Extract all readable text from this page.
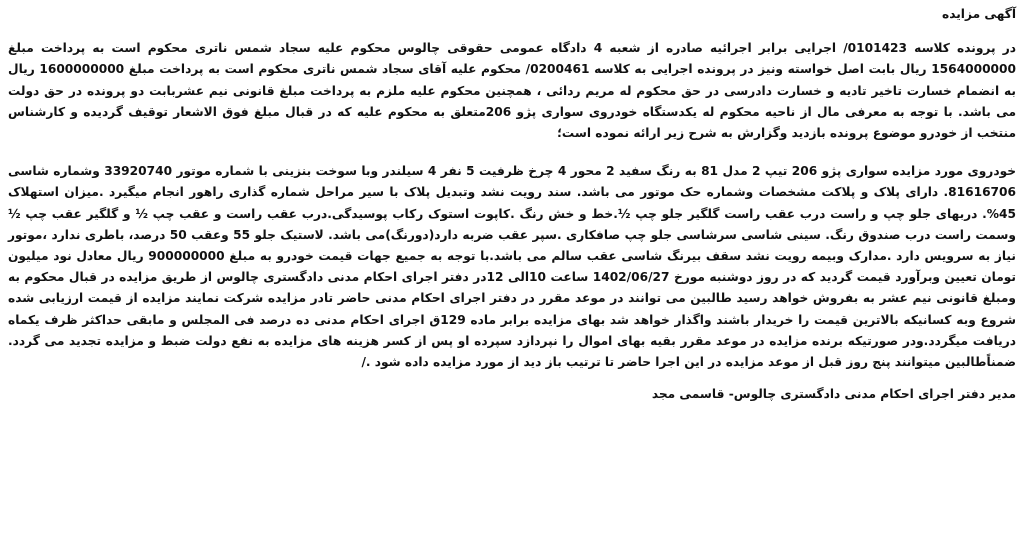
آگهی مزایده

در پرونده کلاسه 0101423/ اجرایی برابر اجرائیه صادره از شعبه 4 دادگاه عمومی حقوقی چالوس محکوم علیه سجاد شمس ناتری محکوم است به پرداخت مبلغ 1564000000 ریال بابت اصل خواسته ونیز در پرونده اجرایی به کلاسه 0200461/ محکوم علیه آقای سجاد شمس ناتری محکوم است به پرداخت مبلغ 1600000000 ریال به انضمام خسارت تاخیر تادیه و خسارت دادرسی در حق محکوم له مریم ردائی ، همچنین محکوم علیه ملزم به پرداخت مبلغ قانونی نیم عشربابت دو پرونده در حق دولت می باشد. با توجه به معرفی مال از ناحیه محکوم له یکدستگاه خودروی سواری پژو 206متعلق به محکوم علیه که در قبال مبلغ فوق الاشعار توقیف گردیده و کارشناس منتخب از خودرو موضوع پرونده بازدید وگزارش به شرح زیر ارائه نموده است؛

خودروی مورد مزایده سواری پژو 206 تیپ 2 مدل 81 به رنگ سفید 2 محور 4 چرخ ظرفیت 5 نفر 4 سیلندر وبا سوخت بنزینی با شماره موتور 33920740 وشماره شاسی 81616706. دارای پلاک و پلاکت مشخصات وشماره حک موتور می باشد. سند رویت نشد وتبدیل پلاک با سیر مراحل شماره گذاری راهور انجام میگیرد .میزان استهلاک 45%. دربهای جلو چپ و راست درب عقب راست گلگیر جلو چپ ½.خط و خش رنگ .کاپوت استوک رکاب پوسیدگی.درب عقب راست و عقب چپ ½ و گلگیر عقب چپ ½ وسمت راست درب صندوق رنگ. سینی شاسی سرشاسی جلو چپ صافکاری .سپر عقب ضربه دارد(دورنگ)می باشد. لاستیک جلو 55 وعقب 50 درصد، باطری ندارد ،موتور نیاز به سرویس دارد .مدارک وبیمه رویت نشد سقف بیرنگ شاسی عقب سالم می باشد.با توجه به جمیع جهات قیمت خودرو به مبلغ 900000000 ریال معادل نود میلیون تومان تعیین وبرآورد قیمت گردید که در روز دوشنبه مورخ 1402/06/27 ساعت 10الی 12در دفتر اجرای احکام مدنی دادگستری چالوس از طریق مزایده در قبال محکوم به ومبلغ قانونی نیم عشر به بفروش خواهد رسید طالبین می توانند در موعد مقرر در دفتر اجرای احکام مدنی حاضر تادر مزایده شرکت نمایند مزایده از قیمت ارزیابی شده شروع وبه کسانیکه بالاترین قیمت را خریدار باشند واگذار خواهد شد بهای مزایده برابر ماده 129ق اجرای احکام مدنی ده درصد فی المجلس و مابقی حداکثر ظرف یکماه دریافت میگردد.ودر صورتیکه برنده مزایده در موعد مقرر بقیه بهای اموال را نپردازد سپرده او پس از کسر هزینه های مزایده به نفع دولت ضبط و مزایده تجدید می گردد. ضمناًطالبین میتوانند پنج روز قبل از موعد مزایده در این اجرا حاضر تا ترتیب باز دید از مورد مزایده داده شود ./

مدیر دفتر اجرای احکام مدنی دادگستری چالوس- قاسمی مجد
